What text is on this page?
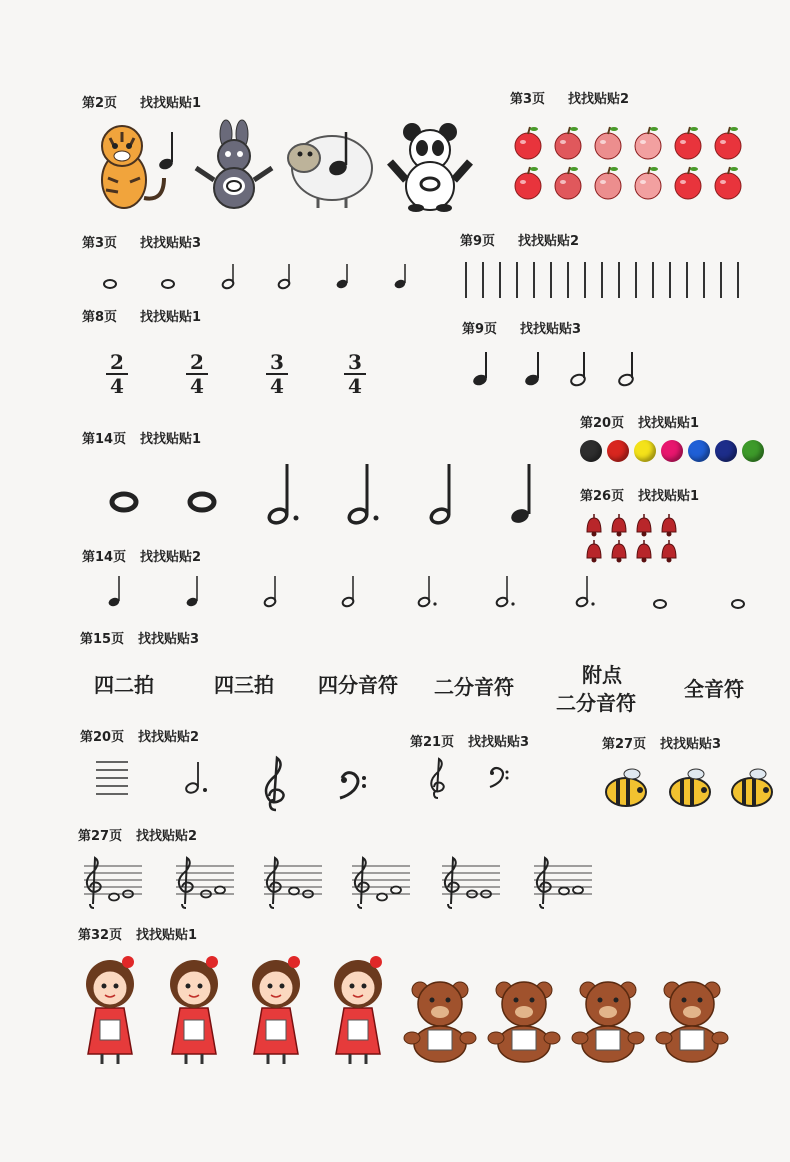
第2页 找找贴贴1	第3页 找找贴贴2
第3页 找找贴贴3	第9页 找找贴贴2
第8页 找找贴贴1
第9页 找找贴贴3
第20页 找找贴贴1
第14页 找找贴贴1
第26页 找找贴贴1
第14页 找找贴贴2
第15页 找找贴贴3
第20页 找找贴贴2	第21页 找找贴贴3	第27页 找找贴贴3
第27页 找找贴贴2
第32页 找找贴贴1
2
4
2
4
3
4
3
4
四二拍	四三拍 四分音符 二分音符	附点
二分音符
全音符
